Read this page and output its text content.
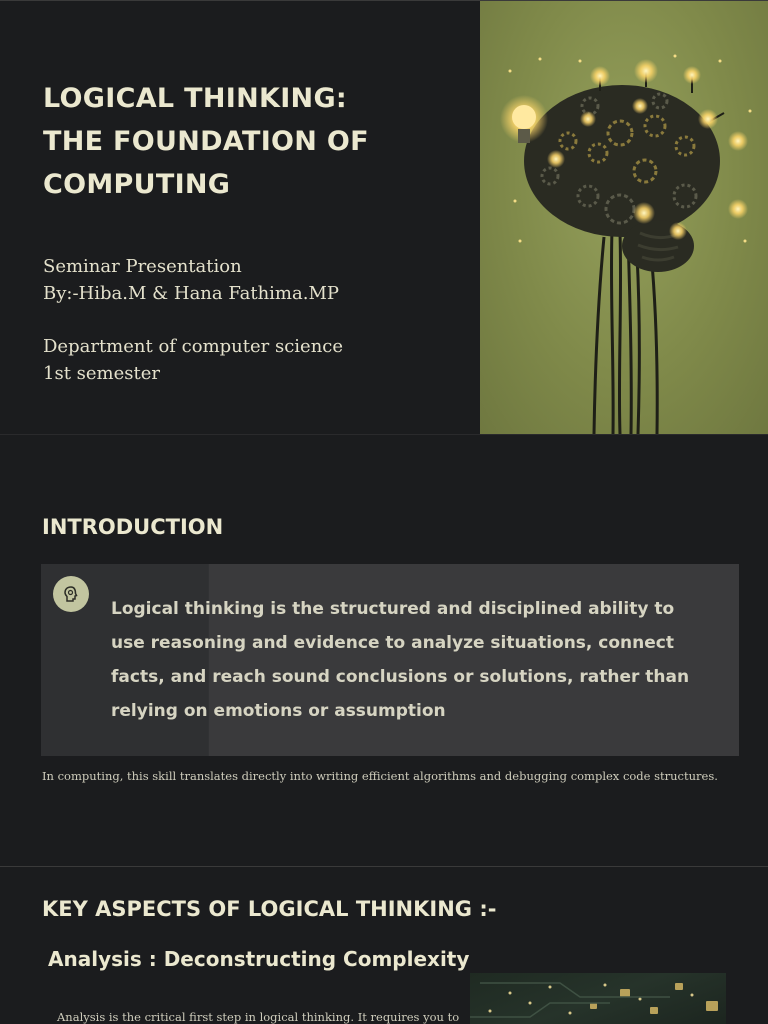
LOGICAL THINKING:
THE FOUNDATION OF
COMPUTING
Seminar Presentation
By:-Hiba.M & Hana Fathima.MP
Department of computer science
1st semester
INTRODUCTION

Logical thinking is the structured and disciplined ability to
use reasoning and evidence to analyze situations, connect
facts, and reach sound conclusions or solutions, rather than
relying on emotions or assumption

In computing, this skill translates directly into writing efficient algorithms and debugging complex code structures.

KEY ASPECTS OF LOGICAL THINKING :-
Analysis : Deconstructing Complexity

Analysis is the critical first step in logical thinking. It requires you to
